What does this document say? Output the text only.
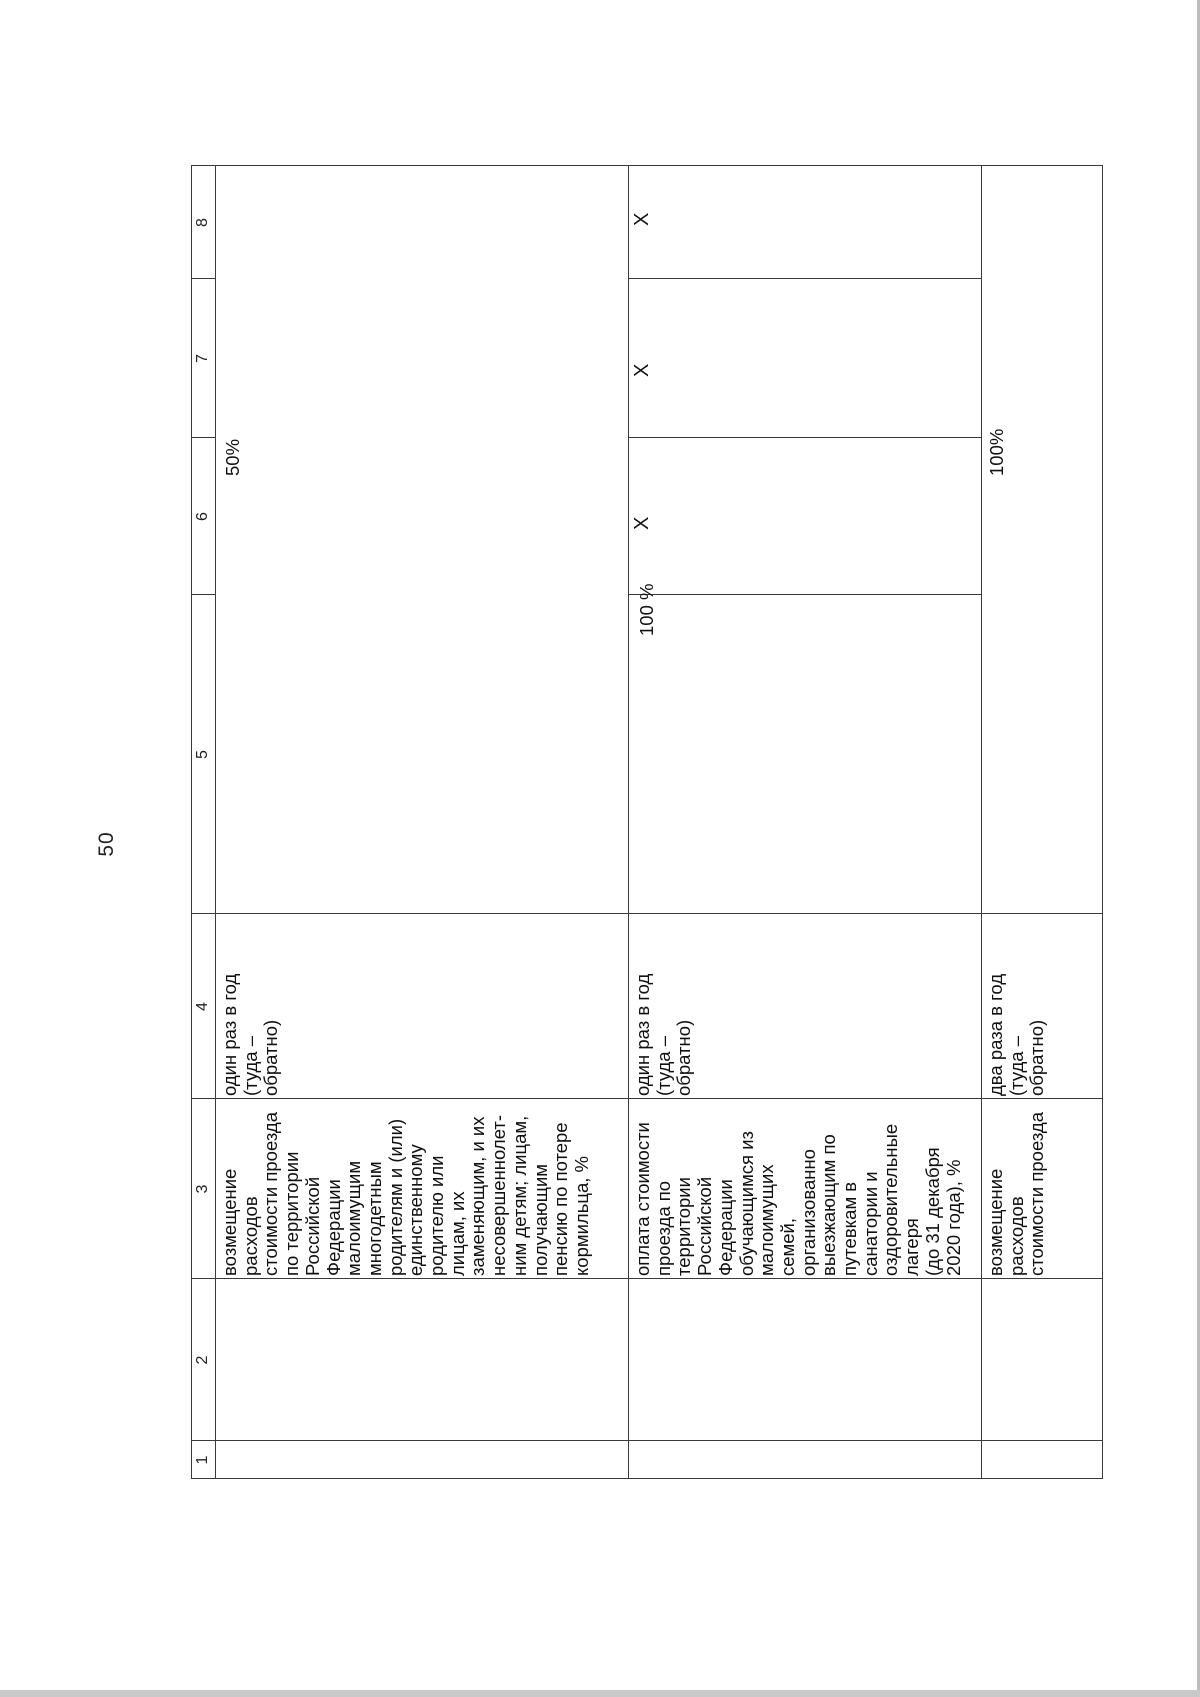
50
1
2
3
4
5
6
7
8
возмещение
расходов
стоимости проезда
по территории
Российской
Федерации
малоимущим
многодетным
родителям и (или)
единственному
родителю или
лицам, их
заменяющим, и их
несовершеннолет-
ним детям; лицам,
получающим
пенсию по потере
кормильца, %
один раз в год
(туда –
обратно)
50%
оплата стоимости
проезда по
территории
Российской
Федерации
обучающимся из
малоимущих
семей,
организованно
выезжающим по
путевкам в
санатории и
оздоровительные
лагеря
(до 31 декабря
2020 года), %
один раз в год
(туда –
обратно)
100 %
X
X
X
возмещение
расходов
стоимости проезда
два раза в год
(туда –
обратно)
100%
